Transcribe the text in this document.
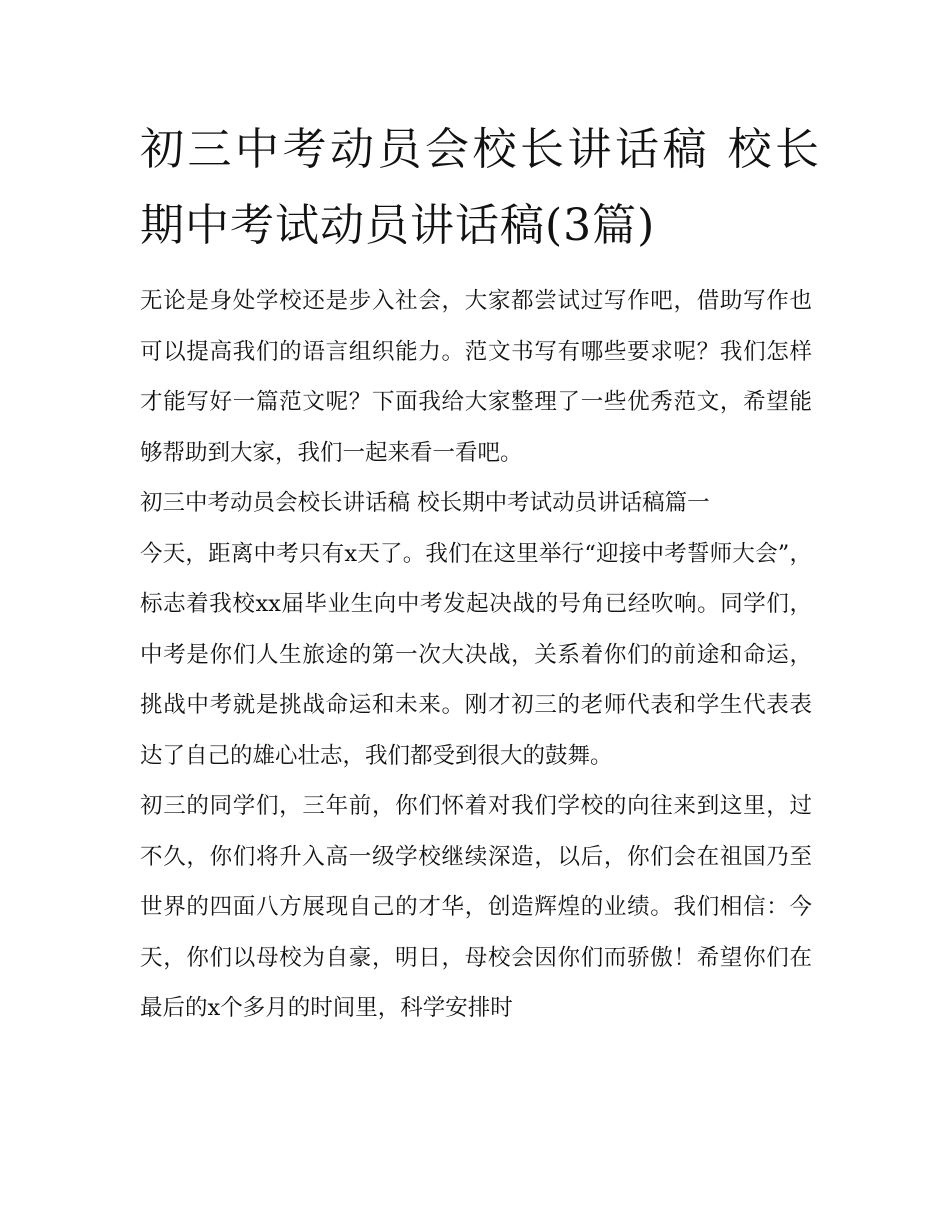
初三中考动员会校长讲话稿 校长期中考试动员讲话稿(3篇)

无论是身处学校还是步入社会，大家都尝试过写作吧，借助写作也可以提高我们的语言组织能力。范文书写有哪些要求呢？我们怎样才能写好一篇范文呢？下面我给大家整理了一些优秀范文，希望能够帮助到大家，我们一起来看一看吧。

初三中考动员会校长讲话稿 校长期中考试动员讲话稿篇一

今天，距离中考只有x天了。我们在这里举行“迎接中考誓师大会”，标志着我校xx届毕业生向中考发起决战的号角已经吹响。同学们，中考是你们人生旅途的第一次大决战，关系着你们的前途和命运，挑战中考就是挑战命运和未来。刚才初三的老师代表和学生代表表达了自己的雄心壮志，我们都受到很大的鼓舞。

初三的同学们，三年前，你们怀着对我们学校的向往来到这里，过不久，你们将升入高一级学校继续深造，以后，你们会在祖国乃至世界的四面八方展现自己的才华，创造辉煌的业绩。我们相信：今天，你们以母校为自豪，明日，母校会因你们而骄傲！希望你们在最后的x个多月的时间里，科学安排时
